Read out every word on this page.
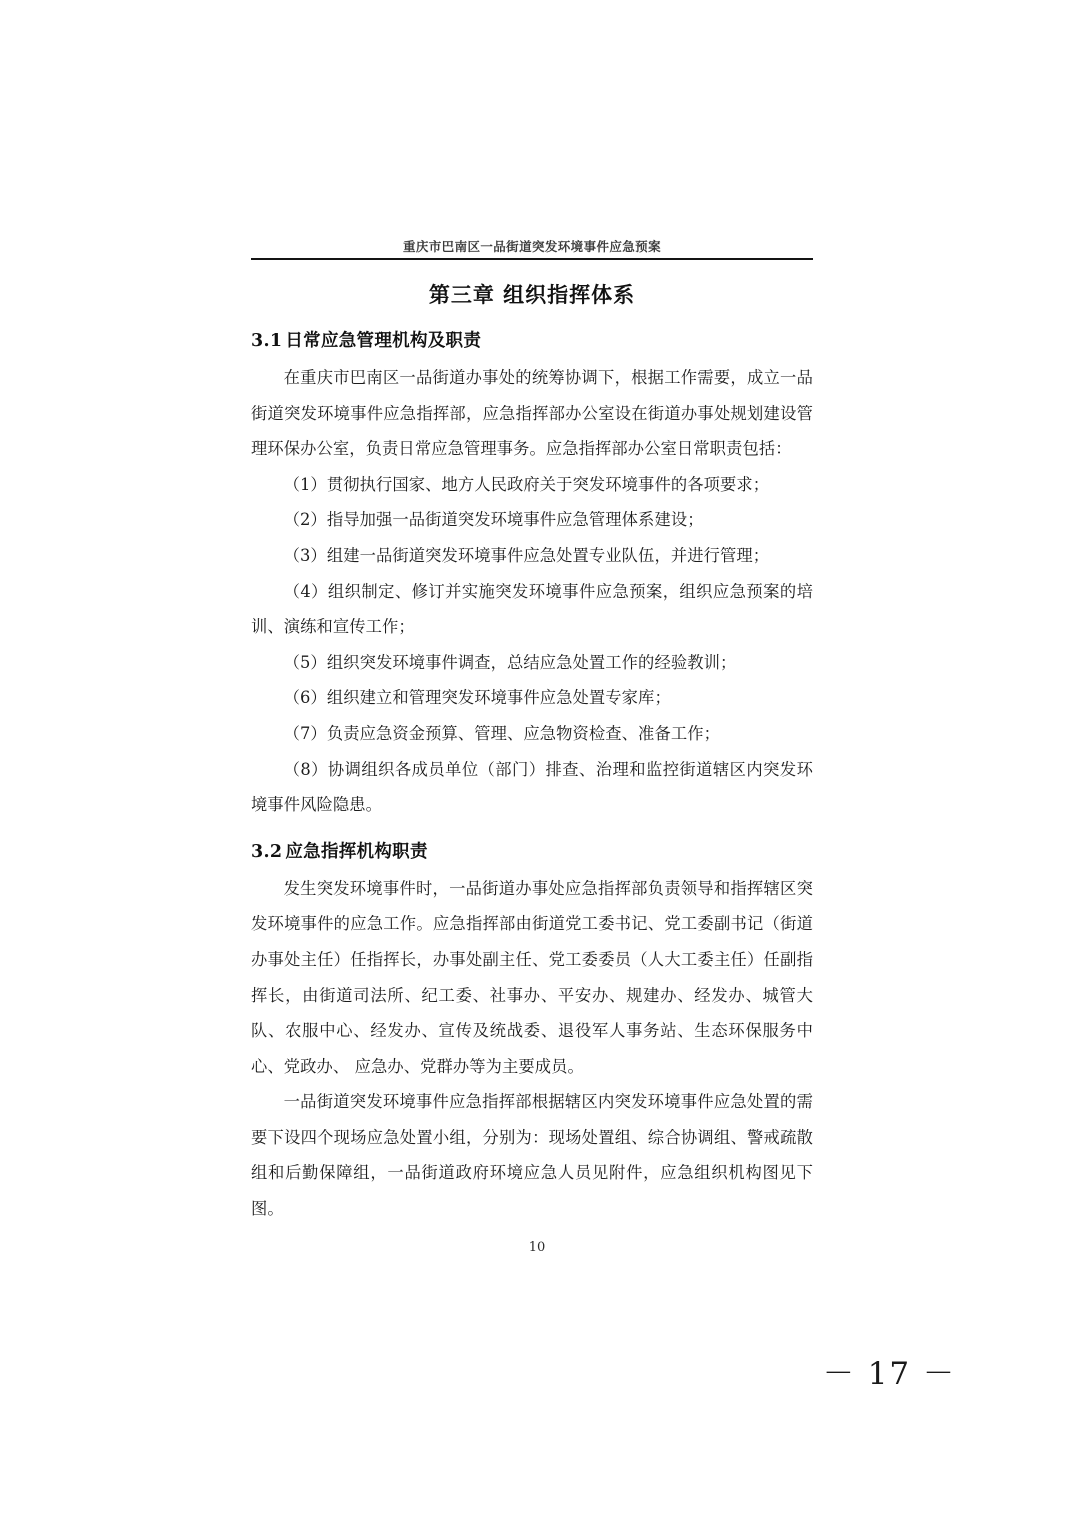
重庆市巴南区一品街道突发环境事件应急预案
第三章 组织指挥体系
3.1 日常应急管理机构及职责

在重庆市巴南区一品街道办事处的统筹协调下，根据工作需要，成立一品街道突发环境事件应急指挥部，应急指挥部办公室设在街道办事处规划建设管理环保办公室，负责日常应急管理事务。应急指挥部办公室日常职责包括：

（1）贯彻执行国家、地方人民政府关于突发环境事件的各项要求；

（2）指导加强一品街道突发环境事件应急管理体系建设；

（3）组建一品街道突发环境事件应急处置专业队伍，并进行管理；

（4）组织制定、修订并实施突发环境事件应急预案，组织应急预案的培训、演练和宣传工作；

（5）组织突发环境事件调查，总结应急处置工作的经验教训；

（6）组织建立和管理突发环境事件应急处置专家库；

（7）负责应急资金预算、管理、应急物资检查、准备工作；

（8）协调组织各成员单位（部门）排查、治理和监控街道辖区内突发环境事件风险隐患。

3.2 应急指挥机构职责

发生突发环境事件时，一品街道办事处应急指挥部负责领导和指挥辖区突发环境事件的应急工作。应急指挥部由街道党工委书记、党工委副书记（街道办事处主任）任指挥长，办事处副主任、党工委委员（人大工委主任）任副指挥长，由街道司法所、纪工委、社事办、平安办、规建办、经发办、城管大队、农服中心、经发办、宣传及统战委、退役军人事务站、生态环保服务中心、党政办、 应急办、党群办等为主要成员。

一品街道突发环境事件应急指挥部根据辖区内突发环境事件应急处置的需要下设四个现场应急处置小组，分别为：现场处置组、综合协调组、警戒疏散组和后勤保障组，一品街道政府环境应急人员见附件，应急组织机构图见下图。

10
－ 17 －
